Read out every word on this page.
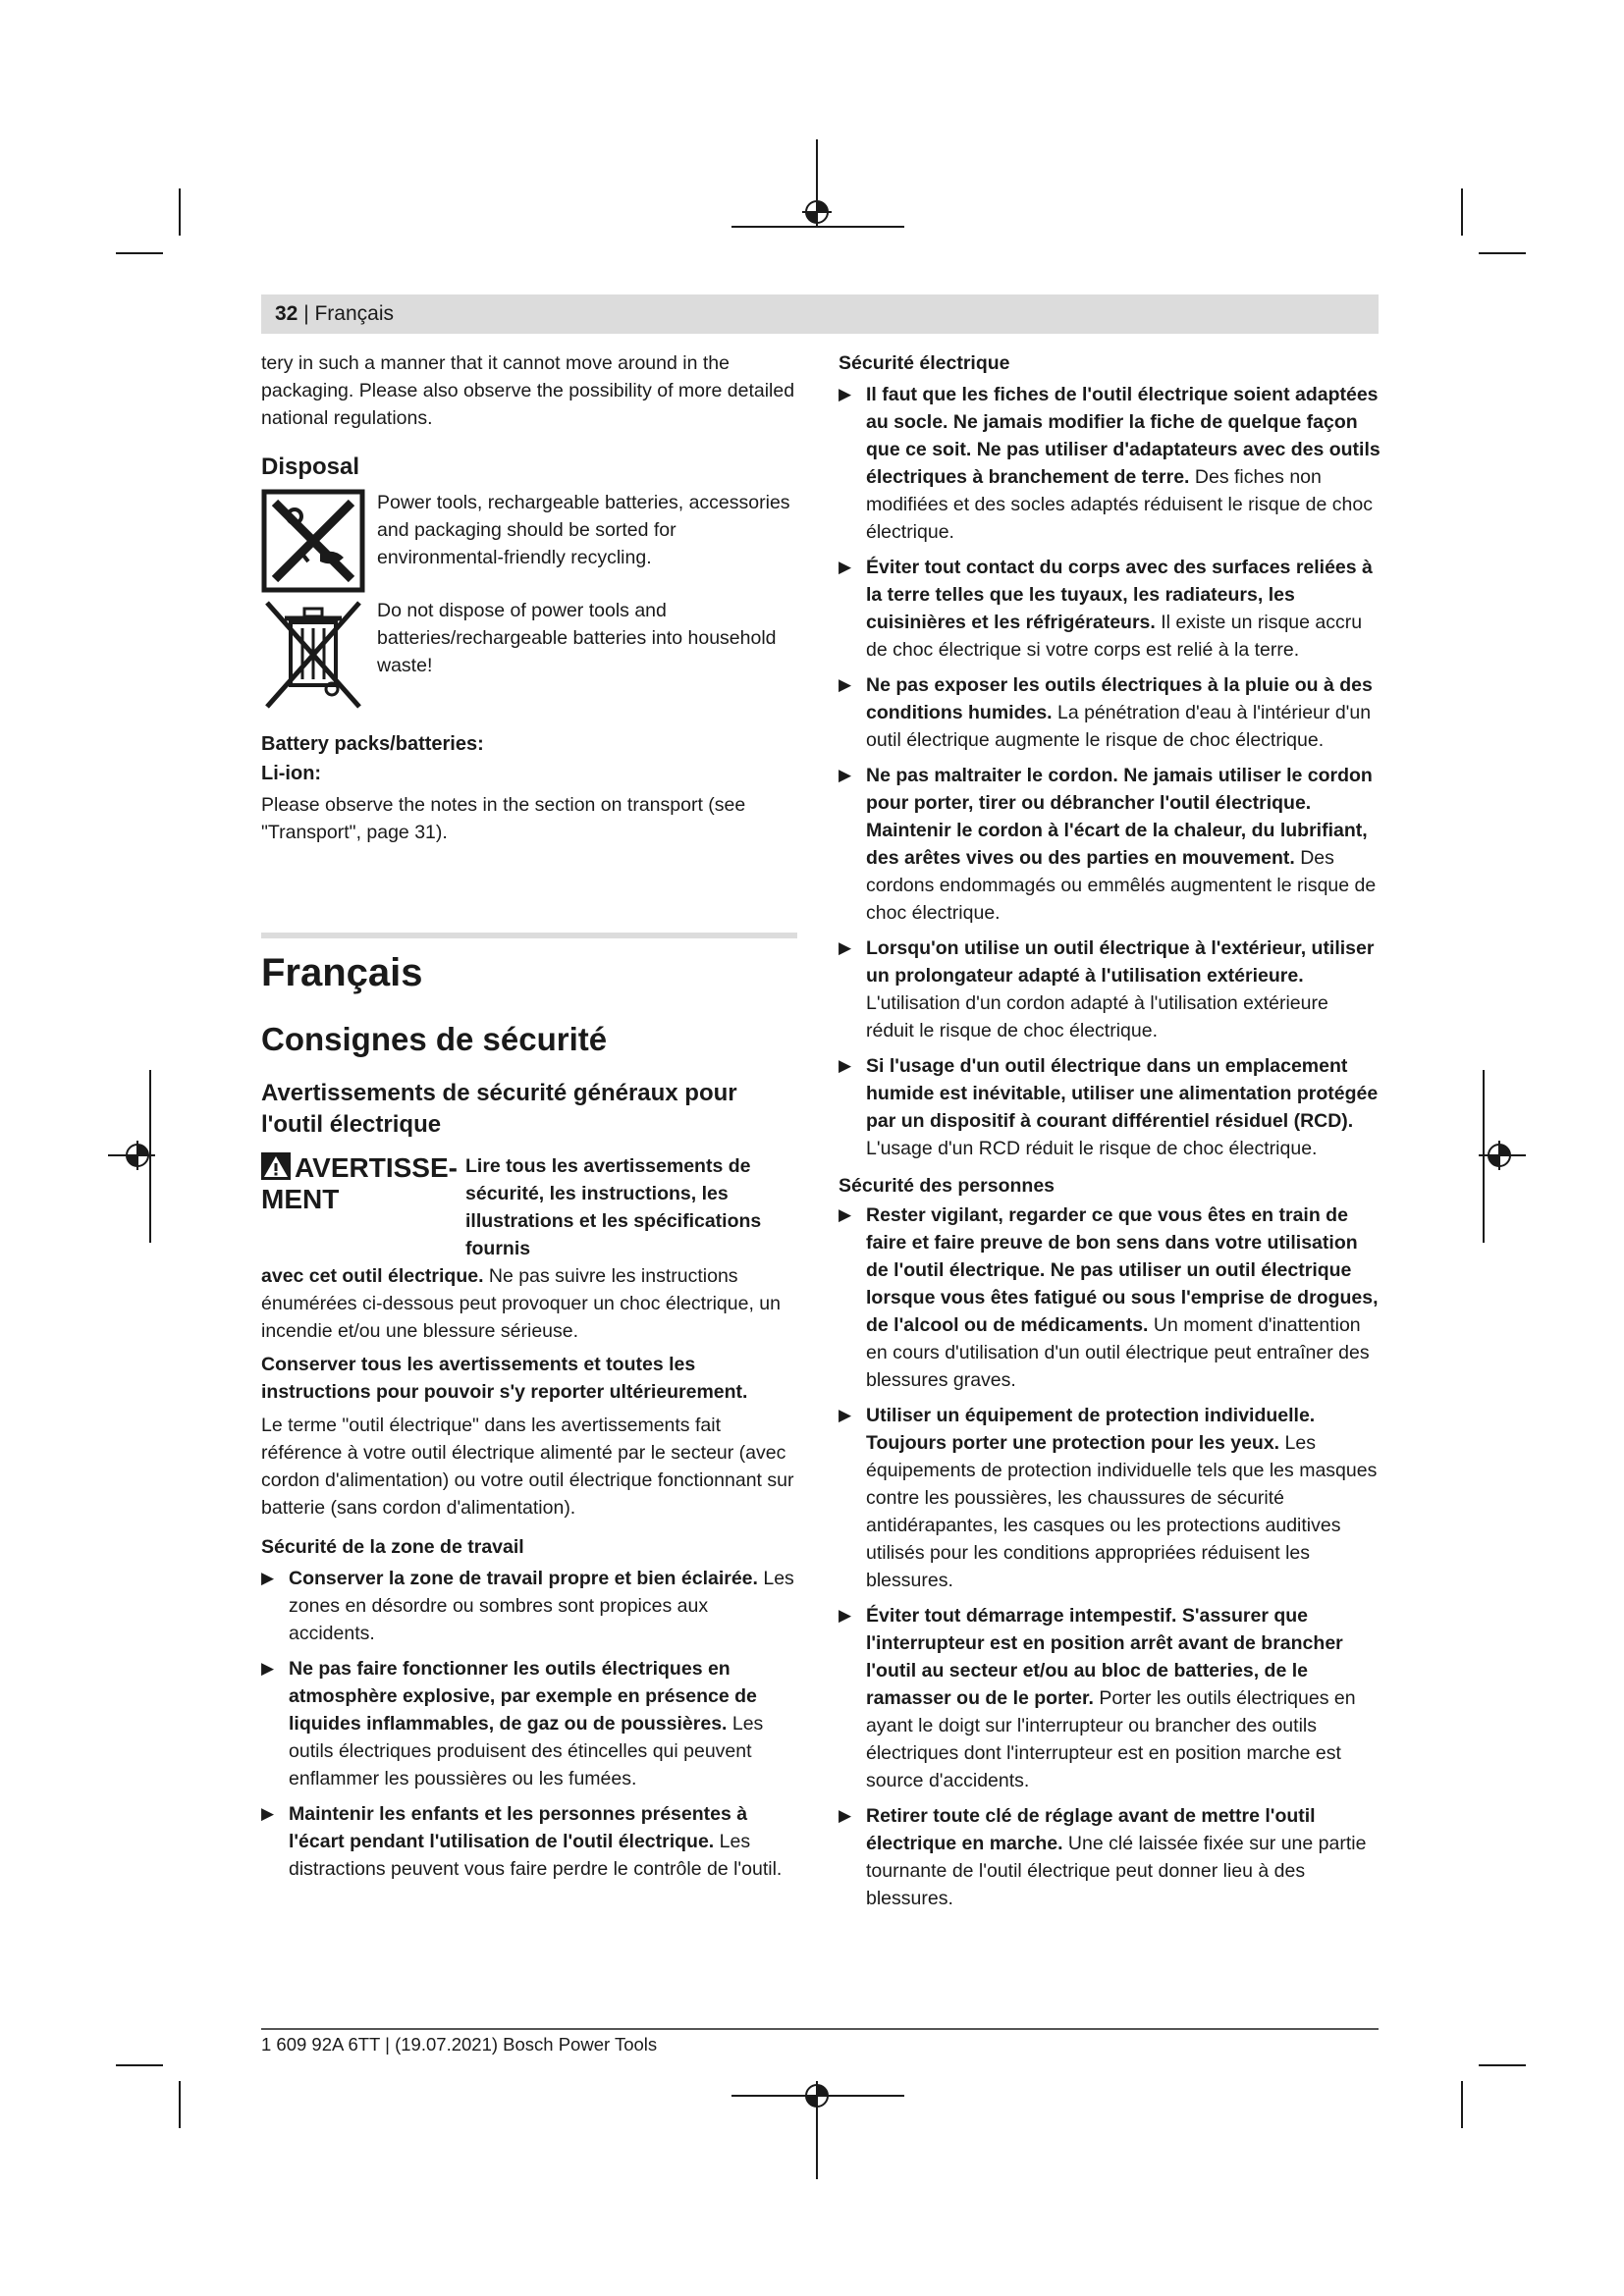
32 | Français

tery in such a manner that it cannot move around in the packaging. Please also observe the possibility of more detailed national regulations.

Disposal

Power tools, rechargeable batteries, accessories and packaging should be sorted for environmental-friendly recycling.

Do not dispose of power tools and batteries/rechargeable batteries into household waste!

Battery packs/batteries:

Li-ion:

Please observe the notes in the section on transport (see "Transport", page 31).

Français

Consignes de sécurité

Avertissements de sécurité généraux pour l'outil électrique

AVERTISSE-
MENT
Lire tous les avertissements de sécurité, les instructions, les illustrations et les spécifications fournis

avec cet outil électrique. Ne pas suivre les instructions énumérées ci-dessous peut provoquer un choc électrique, un incendie et/ou une blessure sérieuse.

Conserver tous les avertissements et toutes les instructions pour pouvoir s'y reporter ultérieurement.

Le terme "outil électrique" dans les avertissements fait référence à votre outil électrique alimenté par le secteur (avec cordon d'alimentation) ou votre outil électrique fonctionnant sur batterie (sans cordon d'alimentation).

Sécurité de la zone de travail

▶ Conserver la zone de travail propre et bien éclairée. Les zones en désordre ou sombres sont propices aux accidents.

▶ Ne pas faire fonctionner les outils électriques en atmosphère explosive, par exemple en présence de liquides inflammables, de gaz ou de poussières. Les outils électriques produisent des étincelles qui peuvent enflammer les poussières ou les fumées.

▶ Maintenir les enfants et les personnes présentes à l'écart pendant l'utilisation de l'outil électrique. Les distractions peuvent vous faire perdre le contrôle de l'outil.

Sécurité électrique

▶ Il faut que les fiches de l'outil électrique soient adaptées au socle. Ne jamais modifier la fiche de quelque façon que ce soit. Ne pas utiliser d'adaptateurs avec des outils électriques à branchement de terre. Des fiches non modifiées et des socles adaptés réduisent le risque de choc électrique.

▶ Éviter tout contact du corps avec des surfaces reliées à la terre telles que les tuyaux, les radiateurs, les cuisinières et les réfrigérateurs. Il existe un risque accru de choc électrique si votre corps est relié à la terre.

▶ Ne pas exposer les outils électriques à la pluie ou à des conditions humides. La pénétration d'eau à l'intérieur d'un outil électrique augmente le risque de choc électrique.

▶ Ne pas maltraiter le cordon. Ne jamais utiliser le cordon pour porter, tirer ou débrancher l'outil électrique. Maintenir le cordon à l'écart de la chaleur, du lubrifiant, des arêtes vives ou des parties en mouvement. Des cordons endommagés ou emmêlés augmentent le risque de choc électrique.

▶ Lorsqu'on utilise un outil électrique à l'extérieur, utiliser un prolongateur adapté à l'utilisation extérieure. L'utilisation d'un cordon adapté à l'utilisation extérieure réduit le risque de choc électrique.

▶ Si l'usage d'un outil électrique dans un emplacement humide est inévitable, utiliser une alimentation protégée par un dispositif à courant différentiel résiduel (RCD). L'usage d'un RCD réduit le risque de choc électrique.

Sécurité des personnes

▶ Rester vigilant, regarder ce que vous êtes en train de faire et faire preuve de bon sens dans votre utilisation de l'outil électrique. Ne pas utiliser un outil électrique lorsque vous êtes fatigué ou sous l'emprise de drogues, de l'alcool ou de médicaments. Un moment d'inattention en cours d'utilisation d'un outil électrique peut entraîner des blessures graves.

▶ Utiliser un équipement de protection individuelle. Toujours porter une protection pour les yeux. Les équipements de protection individuelle tels que les masques contre les poussières, les chaussures de sécurité antidérapantes, les casques ou les protections auditives utilisés pour les conditions appropriées réduisent les blessures.

▶ Éviter tout démarrage intempestif. S'assurer que l'interrupteur est en position arrêt avant de brancher l'outil au secteur et/ou au bloc de batteries, de le ramasser ou de le porter. Porter les outils électriques en ayant le doigt sur l'interrupteur ou brancher des outils électriques dont l'interrupteur est en position marche est source d'accidents.

▶ Retirer toute clé de réglage avant de mettre l'outil électrique en marche. Une clé laissée fixée sur une partie tournante de l'outil électrique peut donner lieu à des blessures.

1 609 92A 6TT | (19.07.2021) Bosch Power Tools
